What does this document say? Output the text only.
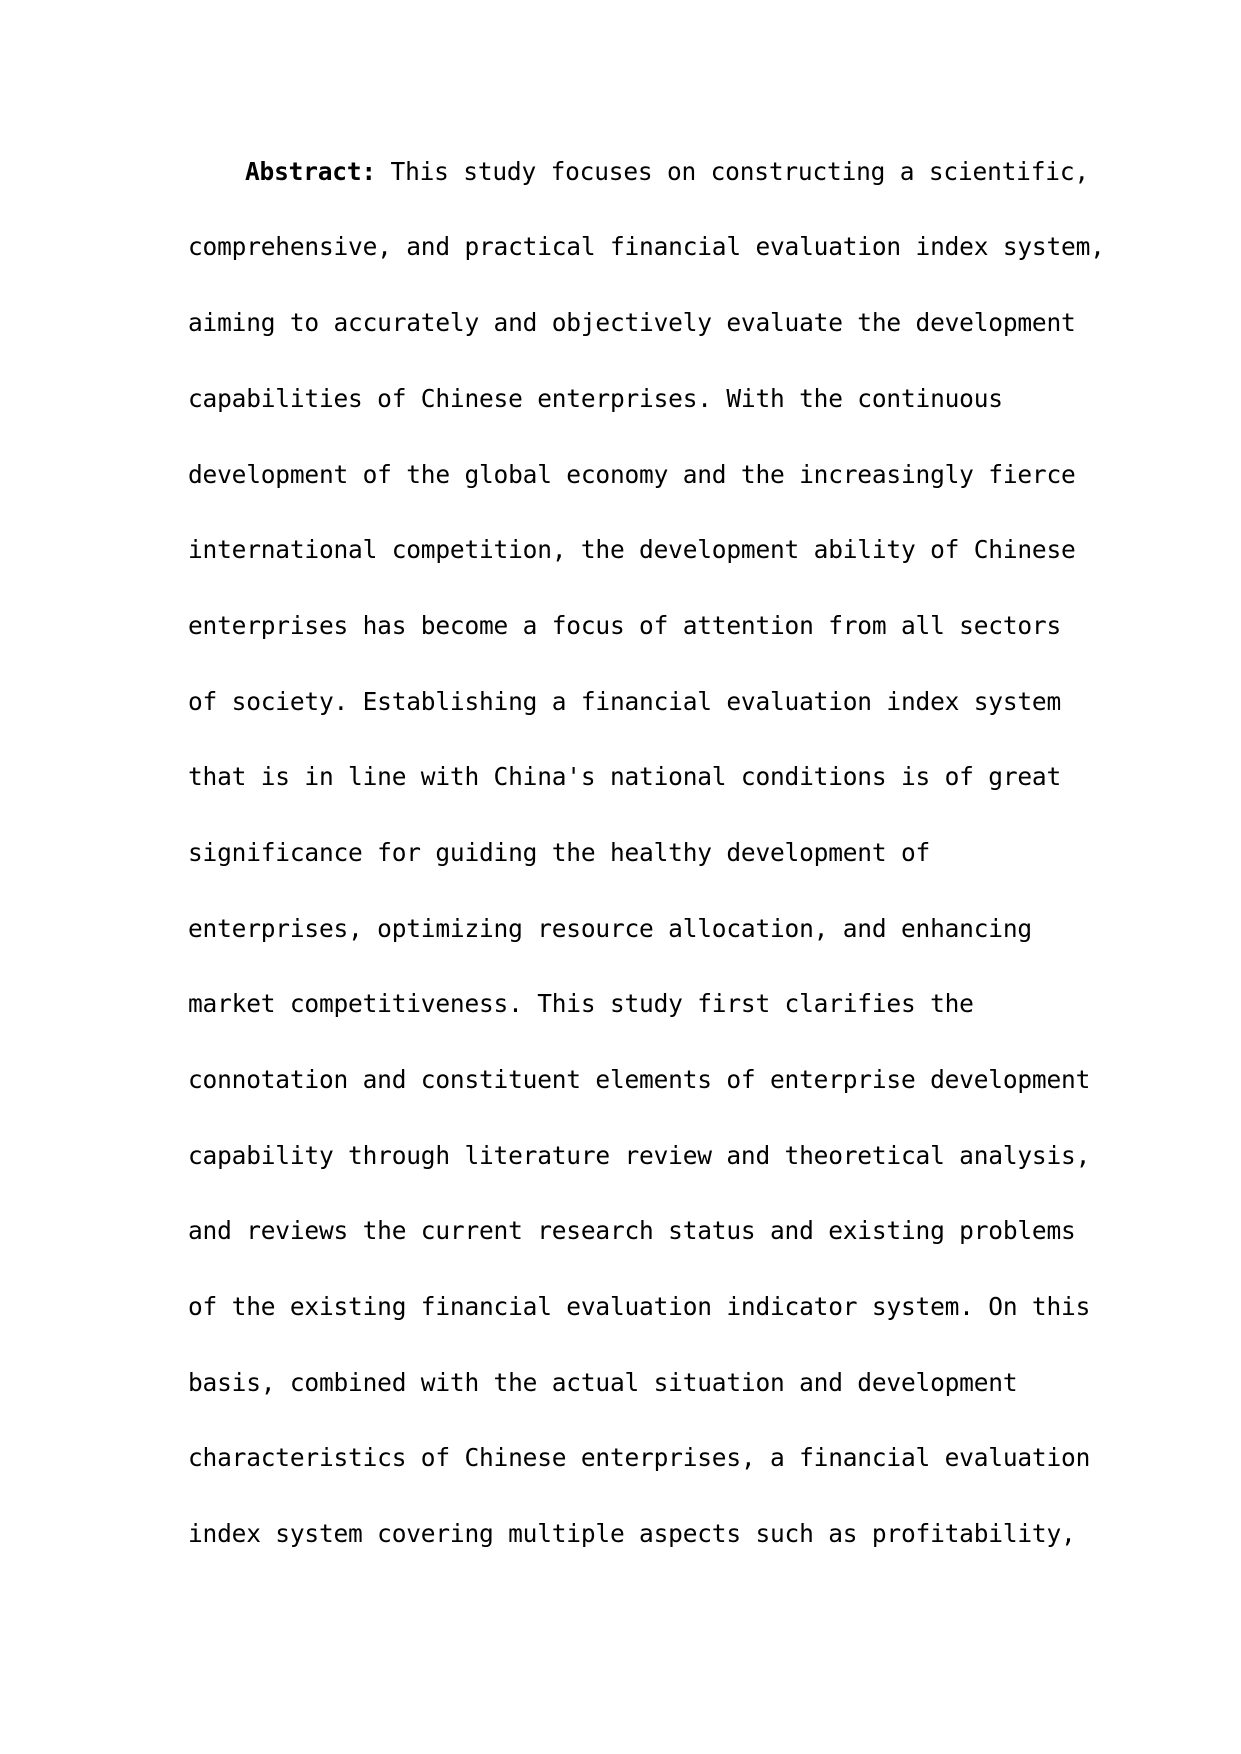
Abstract: This study focuses on constructing a scientific,

comprehensive, and practical financial evaluation index system,

aiming to accurately and objectively evaluate the development

capabilities of Chinese enterprises. With the continuous

development of the global economy and the increasingly fierce

international competition, the development ability of Chinese

enterprises has become a focus of attention from all sectors

of society. Establishing a financial evaluation index system

that is in line with China's national conditions is of great

significance for guiding the healthy development of

enterprises, optimizing resource allocation, and enhancing

market competitiveness. This study first clarifies the

connotation and constituent elements of enterprise development

capability through literature review and theoretical analysis,

and reviews the current research status and existing problems

of the existing financial evaluation indicator system. On this

basis, combined with the actual situation and development

characteristics of Chinese enterprises, a financial evaluation

index system covering multiple aspects such as profitability,
